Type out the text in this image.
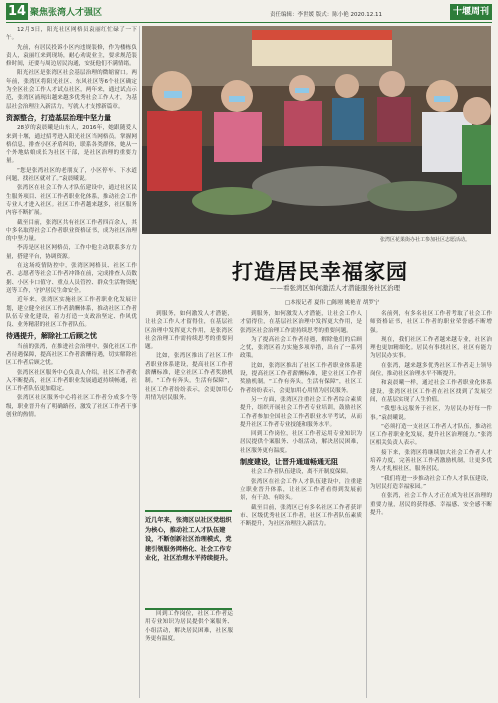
14 聚焦张湾人才强区	责任编辑：李世媛 版式：陈小艳 2020.12.11	十堰周刊

12月3日，阳光社区网格员袁丽红忙碌了一下午。

先前，有居民投诉小区内违规装修，作为楼栋负责人，袁丽红来到现场，耐心劝说业主，要求规范装修时间，还要与周边居民沟通，安抚他们不满情绪。

阳光社区是张湾区社会基层治理的微缩窗口。两年前，张湾区将阳光社区、东风社区等6个社区确定为全区社会工作人才试点社区，两年来，通过试点示范，张湾区涌现出越来越多优秀社会工作人才，为基层社会治理注入新活力，写就人才支撑新篇章。

资源整合，打造基层治理中坚力量

28岁的袁晨曦是山东人，2016年，她跟随爱人来到十堰，通过招考进入阳光社区当网格员。掌握网格信息，排查小区矛盾纠纷，联系各类群体，她从一个外地姑娘成长为社区干部，是社区治理的重要力量。

“您是张湾社区的老朋友了，小区停车、下水道问题，找社区就对了。”袁晨曦说。

张湾区在社会工作人才队伍建设中，通过社区民生服务项目、社区工作者职业化体系，推动社会工作专业人才进入社区。社区工作者越来越多，社区服务内容不断扩展。

截至目前，张湾区共有社区工作者四百余人，其中多名取得社会工作者职业资格证书，成为社区治理的中坚力量。

李涛是区社区网格员，工作中他主动联系多方力量，搭建平台，协调资源。

在这场疫情防控中，张湾区网格员、社区工作者、志愿者等社会工作者冲锋在前，完成排查人员数据、小区卡口值守、重点人员管控、群众生活物资配送等工作，守护居民生命安全。

近年来，张湾区实施社区工作者职业化发展计划，建立健全社区工作者薪酬体系，推动社区工作者队伍专业化建设，着力打造一支政治坚定、作风优良、业务精湛的社区工作者队伍。

待遇提升，解除社工后顾之忧

当前的张湾，在推进社会治理中，强化社区工作者待遇保障，提高社区工作者薪酬待遇，切实解除社区工作者后顾之忧。

张湾区社区服务中心负责人介绍，社区工作者收入不断提高，社区工作者职业发展通道持续畅通，社区工作者队伍更加稳定。

张湾区社区服务中心将社区工作者分成多个等级，职业晋升有了明确路径，激发了社区工作者干事创业的热情。

张湾区花果街办社工参加社区志愿活动。
打造居民幸福家园
——看张湾区如何激活人才潜能服务社区治理
□本报记者 夏伟 □陈刚 姚艳青 胡罗宁

到服务，如何激发人才潜能，让社会工作人才留得住，在基层社区治理中发挥更大作用，是张湾区社会治理工作需持续思考的重要问题。

为了提高社会工作者待遇，解除他们的后顾之忧，张湾区着力实施多项举措，出台了一系列政策。

比如，张湾区推出了社区工作者职业体系建设，提高社区工作者薪酬标准，建立社区工作者奖励机制。“工作有奔头，生活有保障”，社区工作者纷纷表示，会更加用心用情为居民服务。

另一方面，张湾区注重社会工作者综合素质提升，组织开展社会工作者专业培训，鼓励社区工作者参加全国社会工作者职业水平考试，从而提升社区工作者专业技能和服务水平。

回到工作岗位，社区工作者运用专业知识为居民提供个案服务、小组活动，解决居民困难，社区服务更有温度。

制度建设，让晋升通道畅通无阻

社会工作者队伍建设，离不开制度保障。

张湾区在社会工作人才队伍建设中，注重建立职业晋升体系，让社区工作者看得到发展前景，有干劲、有盼头。

截至目前，张湾区已有多名社区工作者获评市、区级优秀社区工作者，社区工作者队伍素质不断提升，为社区治理注入新活力。

名前列，有多名社区工作者考取了社会工作师资格证书，社区工作者的职业荣誉感不断增强。

现在，我们社区工作者越来越专业，社区治理也更加精细化。居民有事找社区，社区有能力为居民办实事。

在张湾，越来越多优秀社区工作者走上领导岗位，推动社区治理水平不断提升。

和袁晨曦一样，通过社会工作者职业化体系建设，张湾区社区工作者在社区找到了发展空间，在基层实现了人生价值。

“我想永远服务于社区，为居民办好每一件事。”袁晨曦说。

“必须打造一支社区工作者人才队伍，推动社区工作者职业化发展，提升社区治理能力。”张湾区相关负责人表示。

接下来，张湾区将继续加大社会工作者人才培养力度，完善社区工作者激励机制，让更多优秀人才扎根社区，服务居民。

“我们将进一步推动社会工作人才队伍建设，为居民打造幸福家园。”

在张湾，社会工作人才正在成为社区治理的重要力量，居民的获得感、幸福感、安全感不断提升。

到服务，如何激发人才潜能，让社会工作人才留得住，在基层社区治理中发挥更大作用，是张湾区社会治理工作需持续思考的重要问题。

比如，张湾区推出了社区工作者职业体系建设，提高社区工作者薪酬标准，建立社区工作者奖励机制。“工作有奔头，生活有保障”，社区工作者纷纷表示，会更加用心用情为居民服务。

近几年来，张湾区以社区党组织为核心，推动社工人才队伍建设，不断创新社区治理模式，党建引领服务网格化、社会工作专业化，社区治理水平持续提升。

回到工作岗位，社区工作者运用专业知识为居民提供个案服务、小组活动，解决居民困难，社区服务更有温度。
